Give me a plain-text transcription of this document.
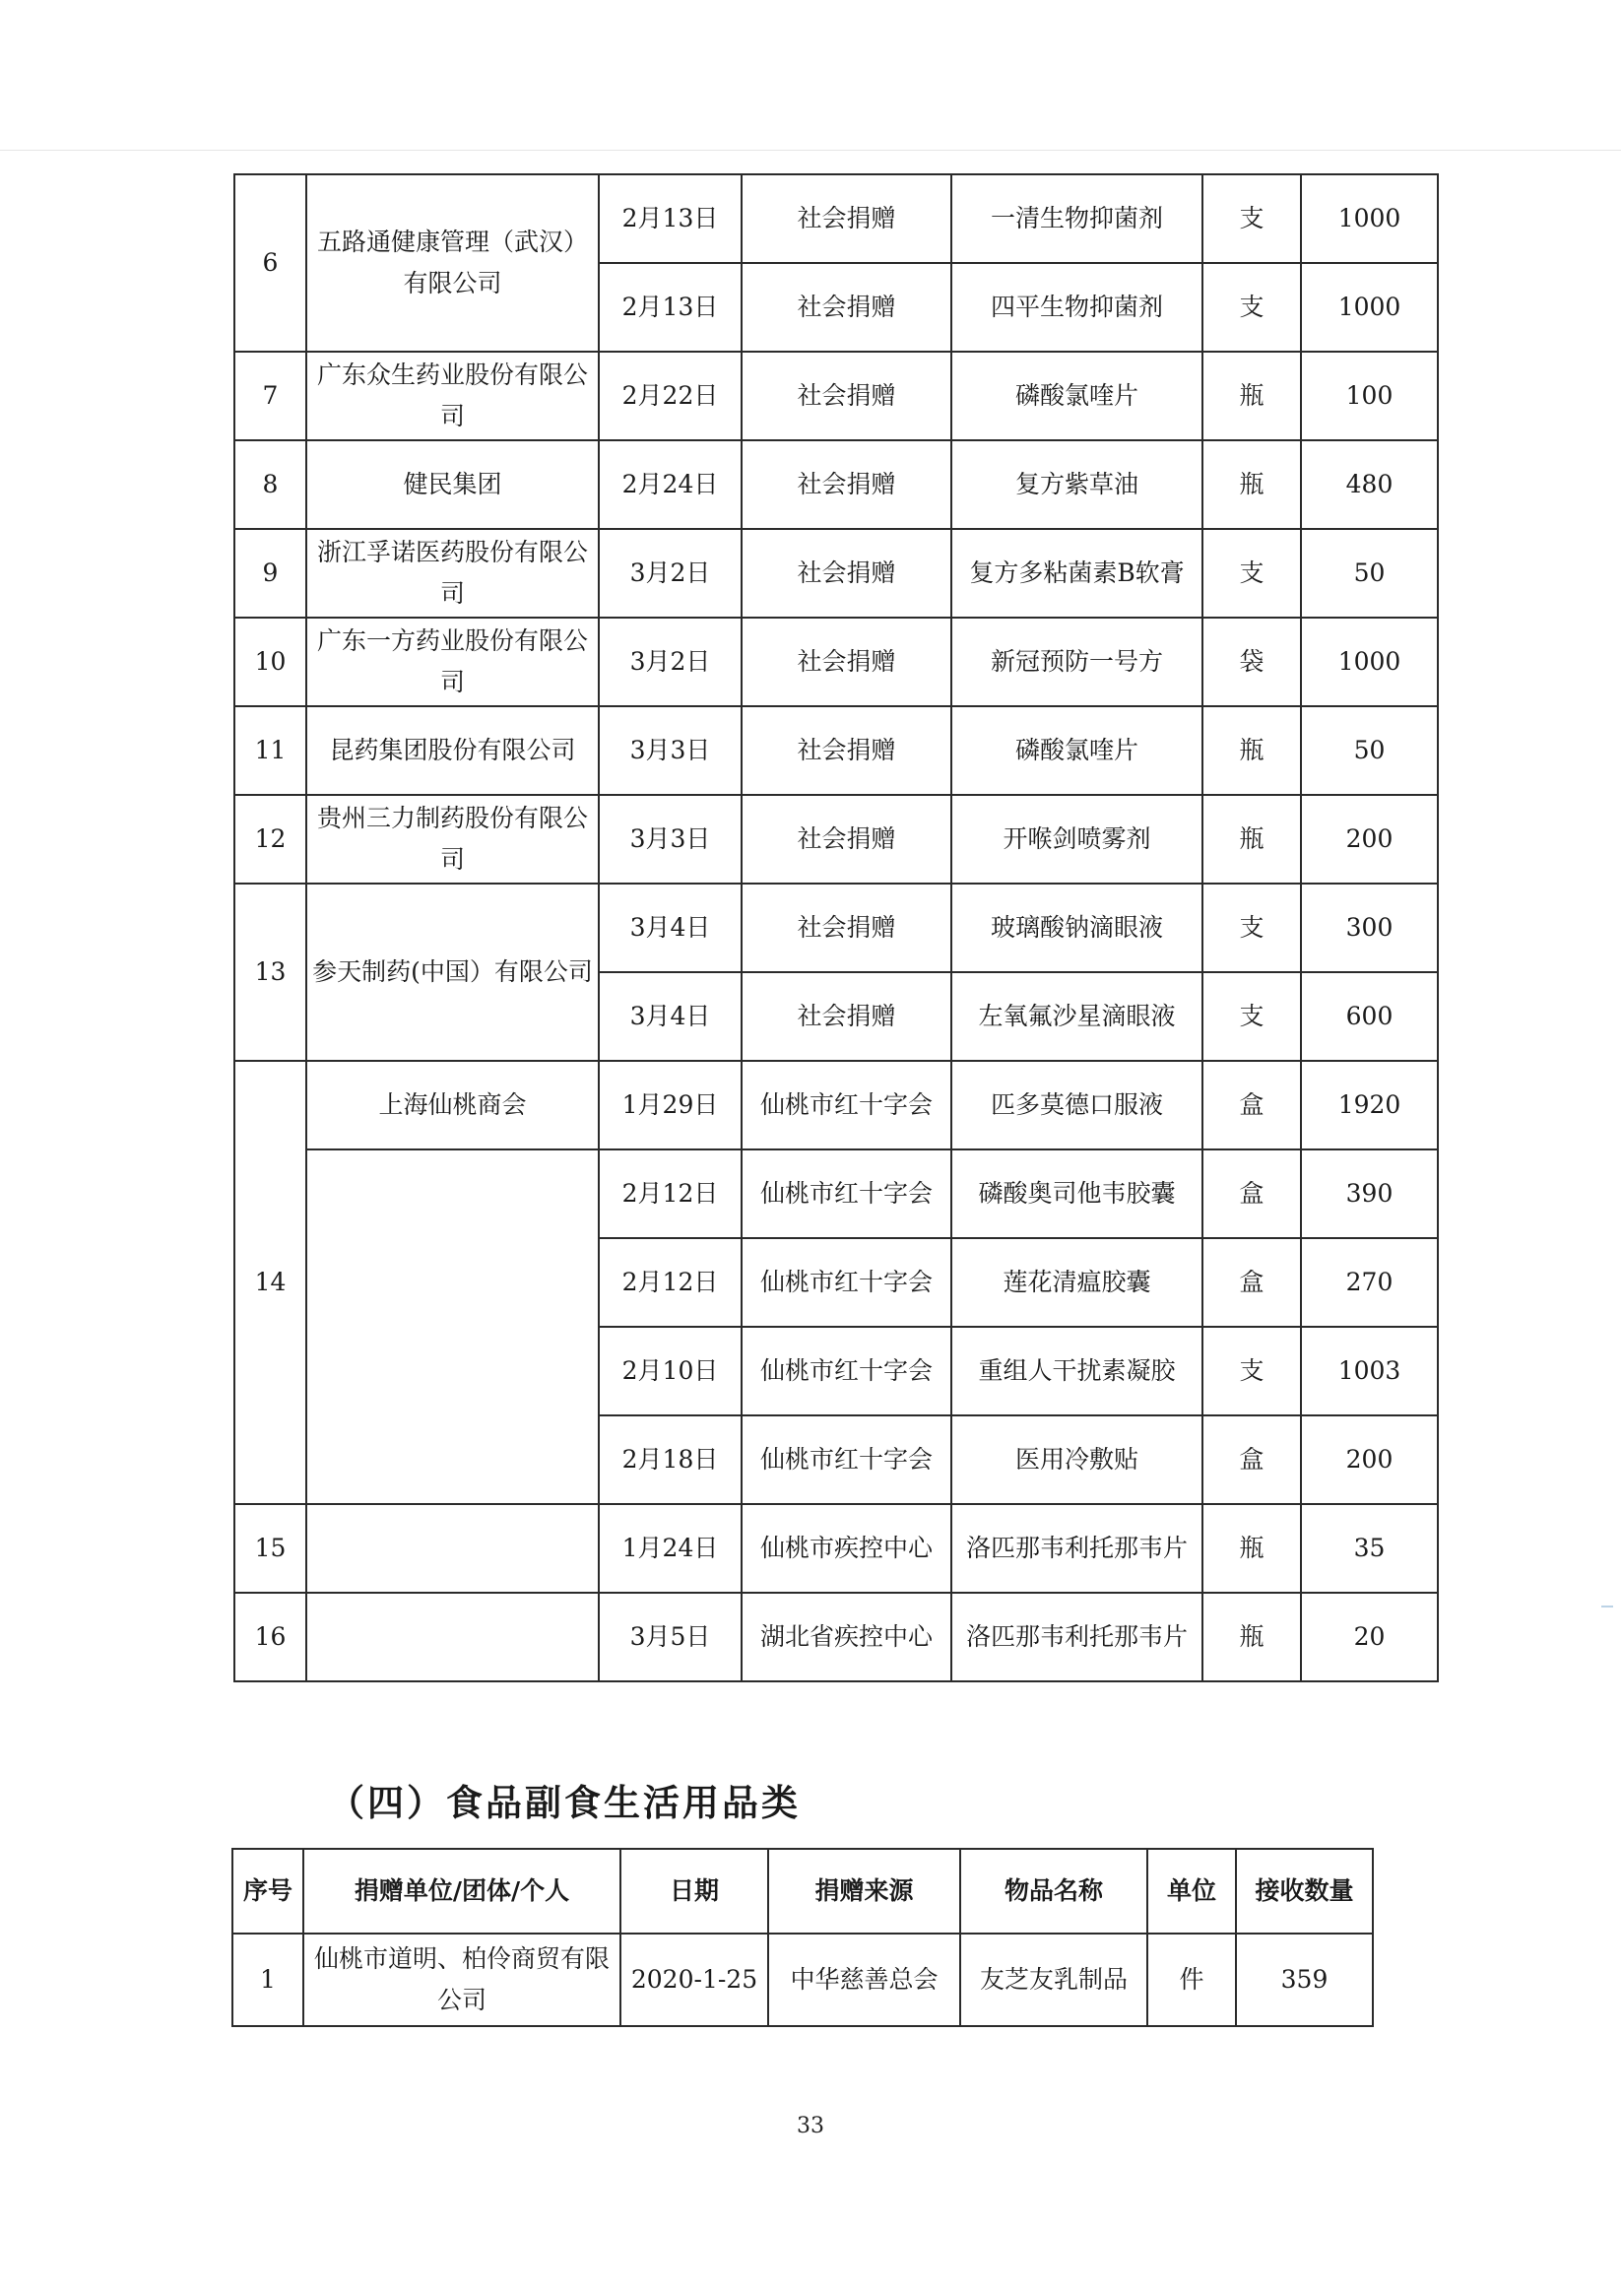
6	五路通健康管理（武汉）有限公司	2月13日	社会捐赠	一清生物抑菌剂	支	1000
		2月13日	社会捐赠	四平生物抑菌剂	支	1000
7	广东众生药业股份有限公司	2月22日	社会捐赠	磷酸氯喹片	瓶	100
8	健民集团	2月24日	社会捐赠	复方紫草油	瓶	480
9	浙江孚诺医药股份有限公司	3月2日	社会捐赠	复方多粘菌素B软膏	支	50
10	广东一方药业股份有限公司	3月2日	社会捐赠	新冠预防一号方	袋	1000
11	昆药集团股份有限公司	3月3日	社会捐赠	磷酸氯喹片	瓶	50
12	贵州三力制药股份有限公司	3月3日	社会捐赠	开喉剑喷雾剂	瓶	200
13	参天制药(中国）有限公司	3月4日	社会捐赠	玻璃酸钠滴眼液	支	300
		3月4日	社会捐赠	左氧氟沙星滴眼液	支	600
14	上海仙桃商会	1月29日	仙桃市红十字会	匹多莫德口服液	盒	1920
		2月12日	仙桃市红十字会	磷酸奥司他韦胶囊	盒	390
		2月12日	仙桃市红十字会	莲花清瘟胶囊	盒	270
		2月10日	仙桃市红十字会	重组人干扰素凝胶	支	1003
		2月18日	仙桃市红十字会	医用冷敷贴	盒	200
15		1月24日	仙桃市疾控中心	洛匹那韦利托那韦片	瓶	35
16		3月5日	湖北省疾控中心	洛匹那韦利托那韦片	瓶	20
（四）食品副食生活用品类
序号	捐赠单位/团体/个人	日期	捐赠来源	物品名称	单位	接收数量
1	仙桃市道明、柏伶商贸有限公司	2020-1-25	中华慈善总会	友芝友乳制品	件	359
33
